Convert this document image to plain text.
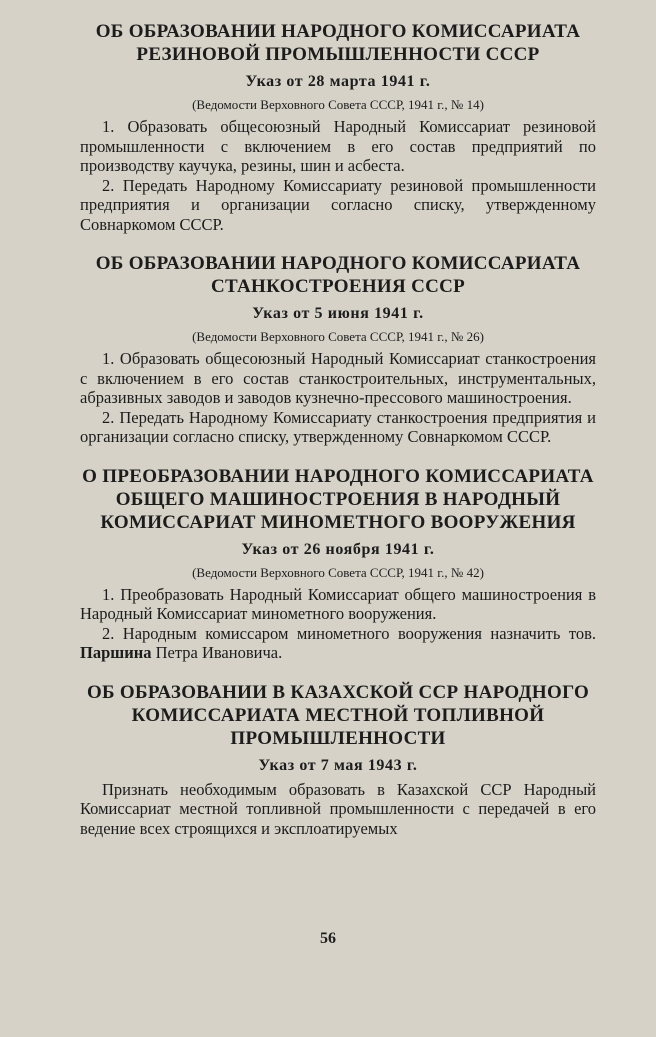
ОБ ОБРАЗОВАНИИ НАРОДНОГО КОМИССАРИАТА
РЕЗИНОВОЙ ПРОМЫШЛЕННОСТИ СССР
Указ от 28 марта 1941 г.
(Ведомости Верховного Совета СССР, 1941 г., № 14)

1. Образовать общесоюзный Народный Комиссариат резиновой промышленности с включением в его состав предприятий по производству каучука, резины, шин и асбеста.

2. Передать Народному Комиссариату резиновой промышленности предприятия и организации согласно списку, утвержденному Совнаркомом СССР.

ОБ ОБРАЗОВАНИИ НАРОДНОГО КОМИССАРИАТА
СТАНКОСТРОЕНИЯ СССР
Указ от 5 июня 1941 г.
(Ведомости Верховного Совета СССР, 1941 г., № 26)

1. Образовать общесоюзный Народный Комиссариат станкостроения с включением в его состав станкостроительных, инструментальных, абразивных заводов и заводов кузнечно-прессового машиностроения.

2. Передать Народному Комиссариату станкостроения предприятия и организации согласно списку, утвержденному Совнаркомом СССР.

О ПРЕОБРАЗОВАНИИ НАРОДНОГО КОМИССАРИАТА
ОБЩЕГО МАШИНОСТРОЕНИЯ В НАРОДНЫЙ
КОМИССАРИАТ МИНОМЕТНОГО ВООРУЖЕНИЯ
Указ от 26 ноября 1941 г.
(Ведомости Верховного Совета СССР, 1941 г., № 42)

1. Преобразовать Народный Комиссариат общего машиностроения в Народный Комиссариат минометного вооружения.

2. Народным комиссаром минометного вооружения назначить тов. Паршина Петра Ивановича.

ОБ ОБРАЗОВАНИИ В КАЗАХСКОЙ ССР НАРОДНОГО
КОМИССАРИАТА МЕСТНОЙ ТОПЛИВНОЙ
ПРОМЫШЛЕННОСТИ
Указ от 7 мая 1943 г.

Признать необходимым образовать в Казахской ССР Народный Комиссариат местной топливной промышленности с передачей в его ведение всех строящихся и эксплоатируемых

56
